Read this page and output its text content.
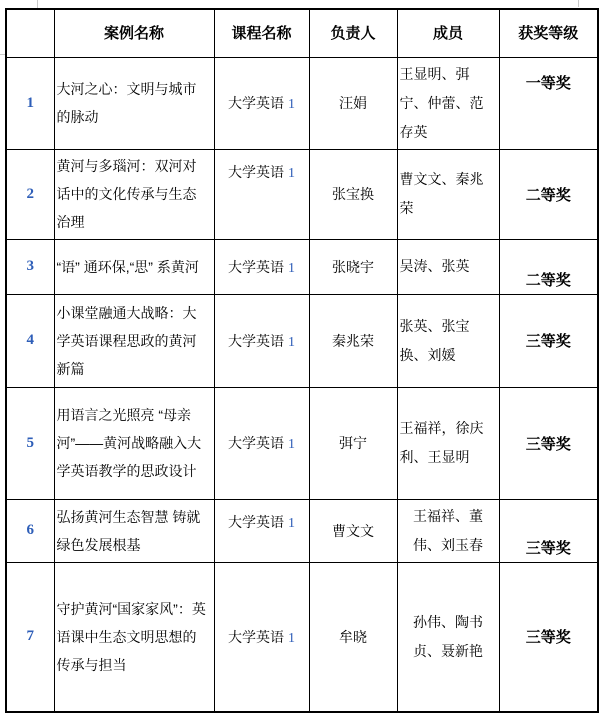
	案例名称	课程名称	负责人	成员	获奖等级
1	大河之心：文明与城市的脉动	大学英语 1	汪娟	王显明、弭宁、仲蕾、范存英	一等奖
2	黄河与多瑙河：双河对话中的文化传承与生态治理	大学英语 1	张宝换	曹文文、秦兆荣	二等奖
3	“语” 通环保,“思” 系黄河	大学英语 1	张晓宇	吴涛、张英	二等奖
4	小课堂融通大战略：大学英语课程思政的黄河新篇	大学英语 1	秦兆荣	张英、张宝换、刘媛	三等奖
5	用语言之光照亮 “母亲河”——黄河战略融入大学英语教学的思政设计	大学英语 1	弭宁	王福祥，徐庆利、王显明	三等奖
6	弘扬黄河生态智慧 铸就绿色发展根基	大学英语 1	曹文文	王福祥、董伟、刘玉春	三等奖
7	守护黄河“国家家风”：英语课中生态文明思想的传承与担当	大学英语 1	牟晓	孙伟、陶书贞、聂新艳	三等奖
